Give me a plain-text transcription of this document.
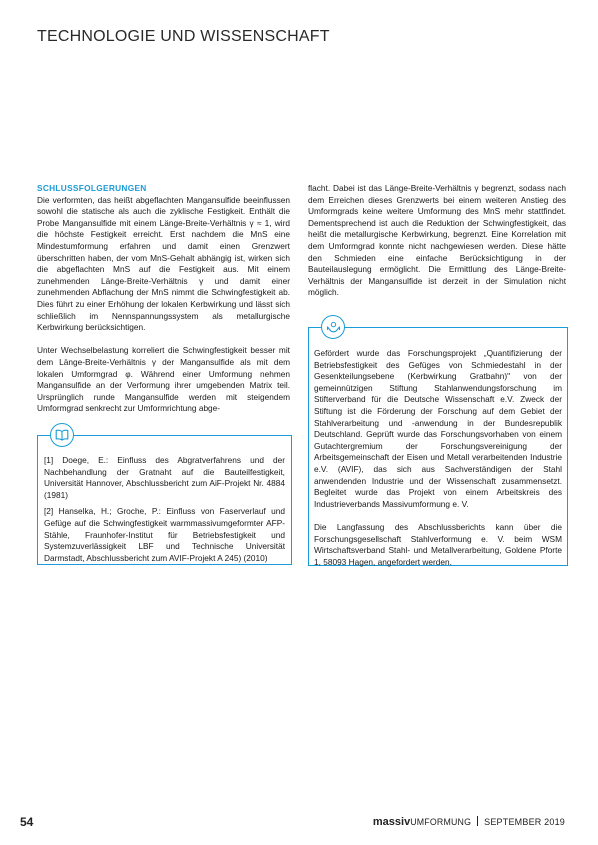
TECHNOLOGIE UND WISSENSCHAFT
SCHLUSSFOLGERUNGEN

Die verformten, das heißt abgeflachten Mangansulfide beeinflussen sowohl die statische als auch die zyklische Festigkeit. Enthält die Probe Mangansulfide mit einem Länge-Breite-Verhältnis γ ≈ 1, wird die höchste Festigkeit erreicht. Erst nachdem die MnS eine Mindestumformung erfahren und damit einen Grenzwert überschritten haben, der vom MnS-Gehalt abhängig ist, wirken sich die abgeflachten MnS auf die Festigkeit aus. Mit einem zunehmenden Länge-Breite-Verhältnis γ und damit einer zunehmenden Abflachung der MnS nimmt die Schwingfestigkeit ab. Dies führt zu einer Erhöhung der lokalen Kerbwirkung und lässt sich schließlich im Nennspannungssystem als metallurgische Kerbwirkung berücksichtigen.

Unter Wechselbelastung korreliert die Schwingfestigkeit besser mit dem Länge-Breite-Verhältnis γ der Mangansulfide als mit dem lokalen Umformgrad φ. Während einer Umformung nehmen Mangansulfide an der Verformung ihrer umgebenden Matrix teil. Ursprünglich runde Mangansulfide werden mit steigendem Umformgrad senkrecht zur Umformrichtung abge-

flacht. Dabei ist das Länge-Breite-Verhältnis γ begrenzt, sodass nach dem Erreichen dieses Grenzwerts bei einem weiteren Anstieg des Umformgrads keine weitere Umformung des MnS mehr stattfindet. Dementsprechend ist auch die Reduktion der Schwingfestigkeit, das heißt die metallurgische Kerbwirkung, begrenzt. Eine Korrelation mit dem Umformgrad konnte nicht nachgewiesen werden. Diese hätte den Schmieden eine einfache Berücksichtigung in der Bauteilauslegung ermöglicht. Die Ermittlung des Länge-Breite-Verhältnis der Mangansulfide ist derzeit in der Simulation nicht möglich.

[1] Doege, E.: Einfluss des Abgratverfahrens und der Nachbehandlung der Gratnaht auf die Bauteilfestigkeit, Universität Hannover, Abschlussbericht zum AiF-Projekt Nr. 4884 (1981)

[2] Hanselka, H.; Groche, P.: Einfluss von Faserverlauf und Gefüge auf die Schwingfestigkeit warmmassivumgeformter AFP-Stähle, Fraunhofer-Institut für Betriebsfestigkeit und Systemzuverlässigkeit LBF und Technische Universität Darmstadt, Abschlussbericht zum AVIF-Projekt A 245) (2010)

Gefördert wurde das Forschungsprojekt „Quantifizierung der Betriebsfestigkeit des Gefüges von Schmiedestahl in der Gesenkteilungsebene (Kerbwirkung Gratbahn)" von der gemeinnützigen Stiftung Stahlanwendungsforschung im Stifterverband für die Deutsche Wissenschaft e.V. Zweck der Stiftung ist die Förderung der Forschung auf dem Gebiet der Stahlverarbeitung und -anwendung in der Bundesrepublik Deutschland. Geprüft wurde das Forschungsvorhaben von einem Gutachtergremium der Forschungsvereinigung der Arbeitsgemeinschaft der Eisen und Metall verarbeitenden Industrie e.V. (AVIF), das sich aus Sachverständigen der Stahl anwendenden Industrie und der Wissenschaft zusammensetzt. Begleitet wurde das Projekt von einem Arbeitskreis des Industrieverbands Massivumformung e. V.

Die Langfassung des Abschlussberichts kann über die Forschungsgesellschaft Stahlverformung e. V. beim WSM Wirtschaftsverband Stahl- und Metallverarbeitung, Goldene Pforte 1, 58093 Hagen, angefordert werden.

54	massivUMFORMUNG SEPTEMBER 2019
